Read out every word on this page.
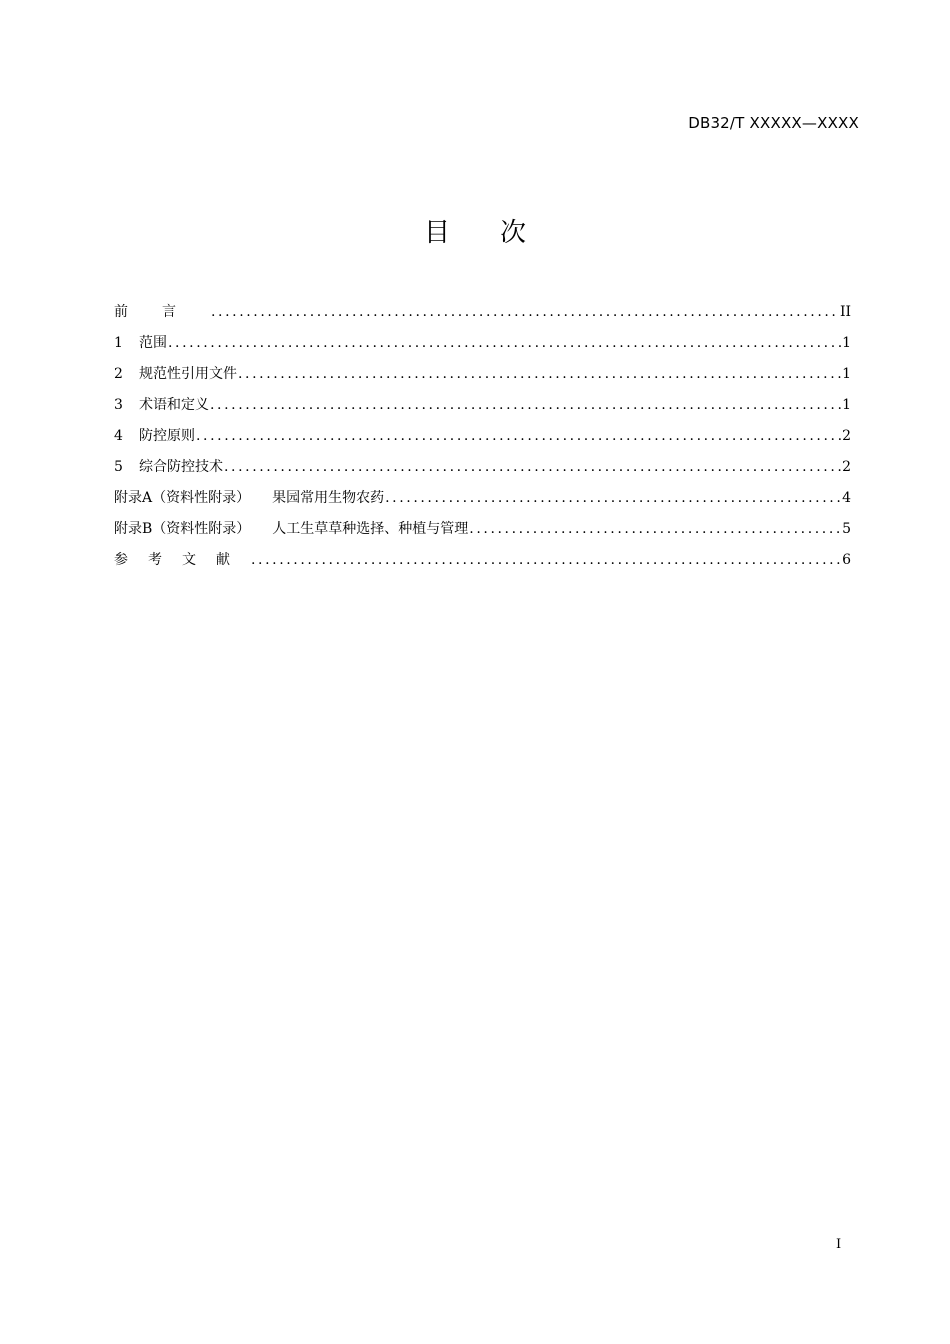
DB32/T XXXXX—XXXX
目 次
前言 .....	II
1	范围 .....	1
2	规范性引用文件 .....	1
3	术语和定义 .....	1
4	防控原则 .....	2
5	综合防控技术 .....	2
附录A（资料性附录） 果园常用生物农药 .....	4
附录B（资料性附录） 人工生草草种选择、种植与管理 .....	5
参考文献 .....	6
I
